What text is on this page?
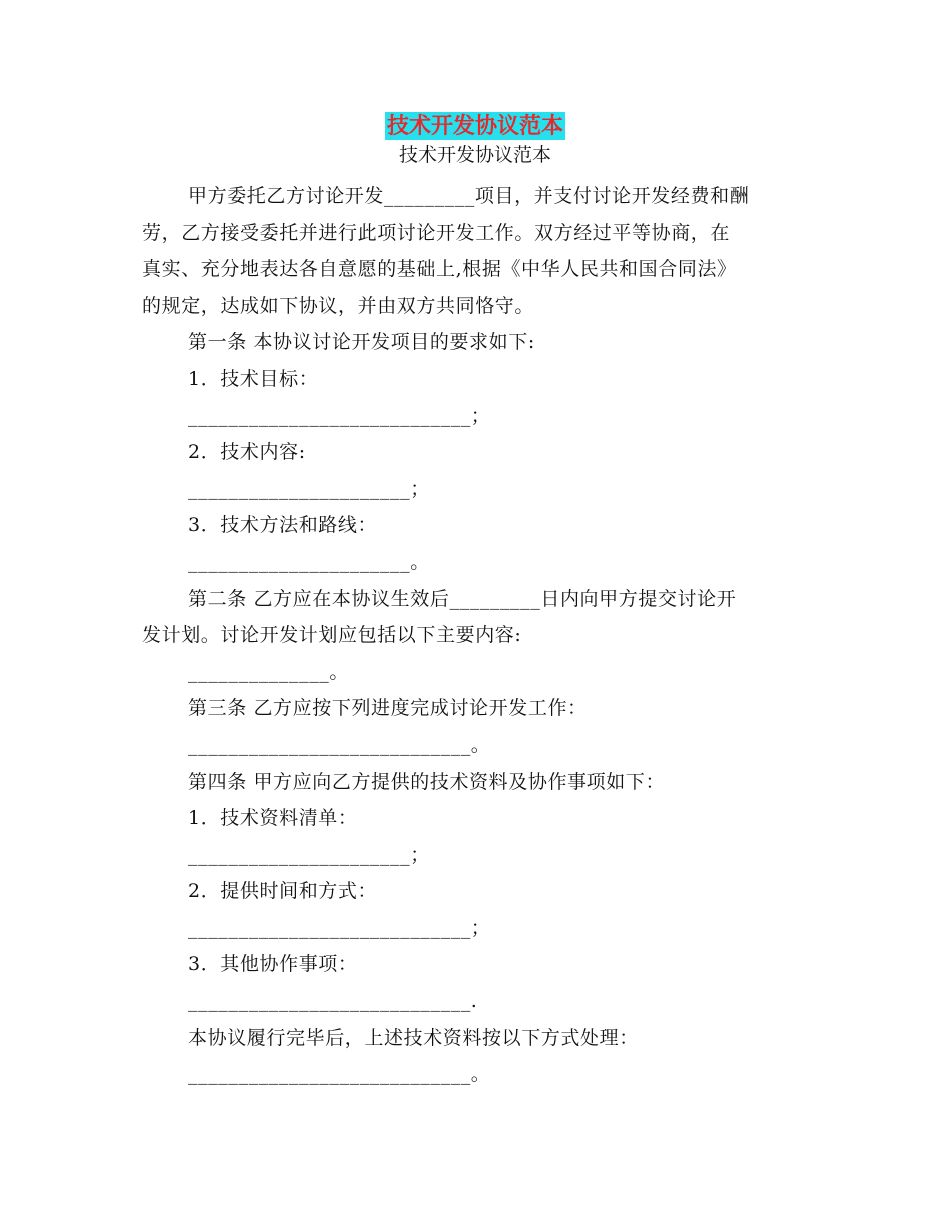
技术开发协议范本
技术开发协议范本

甲方委托乙方讨论开发_________项目，并支付讨论开发经费和酬

劳，乙方接受委托并进行此项讨论开发工作。双方经过平等协商，在

真实、充分地表达各自意愿的基础上,根据《中华人民共和国合同法》

的规定，达成如下协议，并由双方共同恪守。

第一条 本协议讨论开发项目的要求如下:

1．技术目标：

____________________________；

2．技术内容:

______________________；

3．技术方法和路线：

______________________。

第二条 乙方应在本协议生效后_________日内向甲方提交讨论开

发计划。讨论开发计划应包括以下主要内容:

______________。

第三条 乙方应按下列进度完成讨论开发工作：

____________________________。

第四条 甲方应向乙方提供的技术资料及协作事项如下：

1．技术资料清单：

______________________；

2．提供时间和方式：

____________________________；

3．其他协作事项：

____________________________.

本协议履行完毕后，上述技术资料按以下方式处理：

____________________________。
